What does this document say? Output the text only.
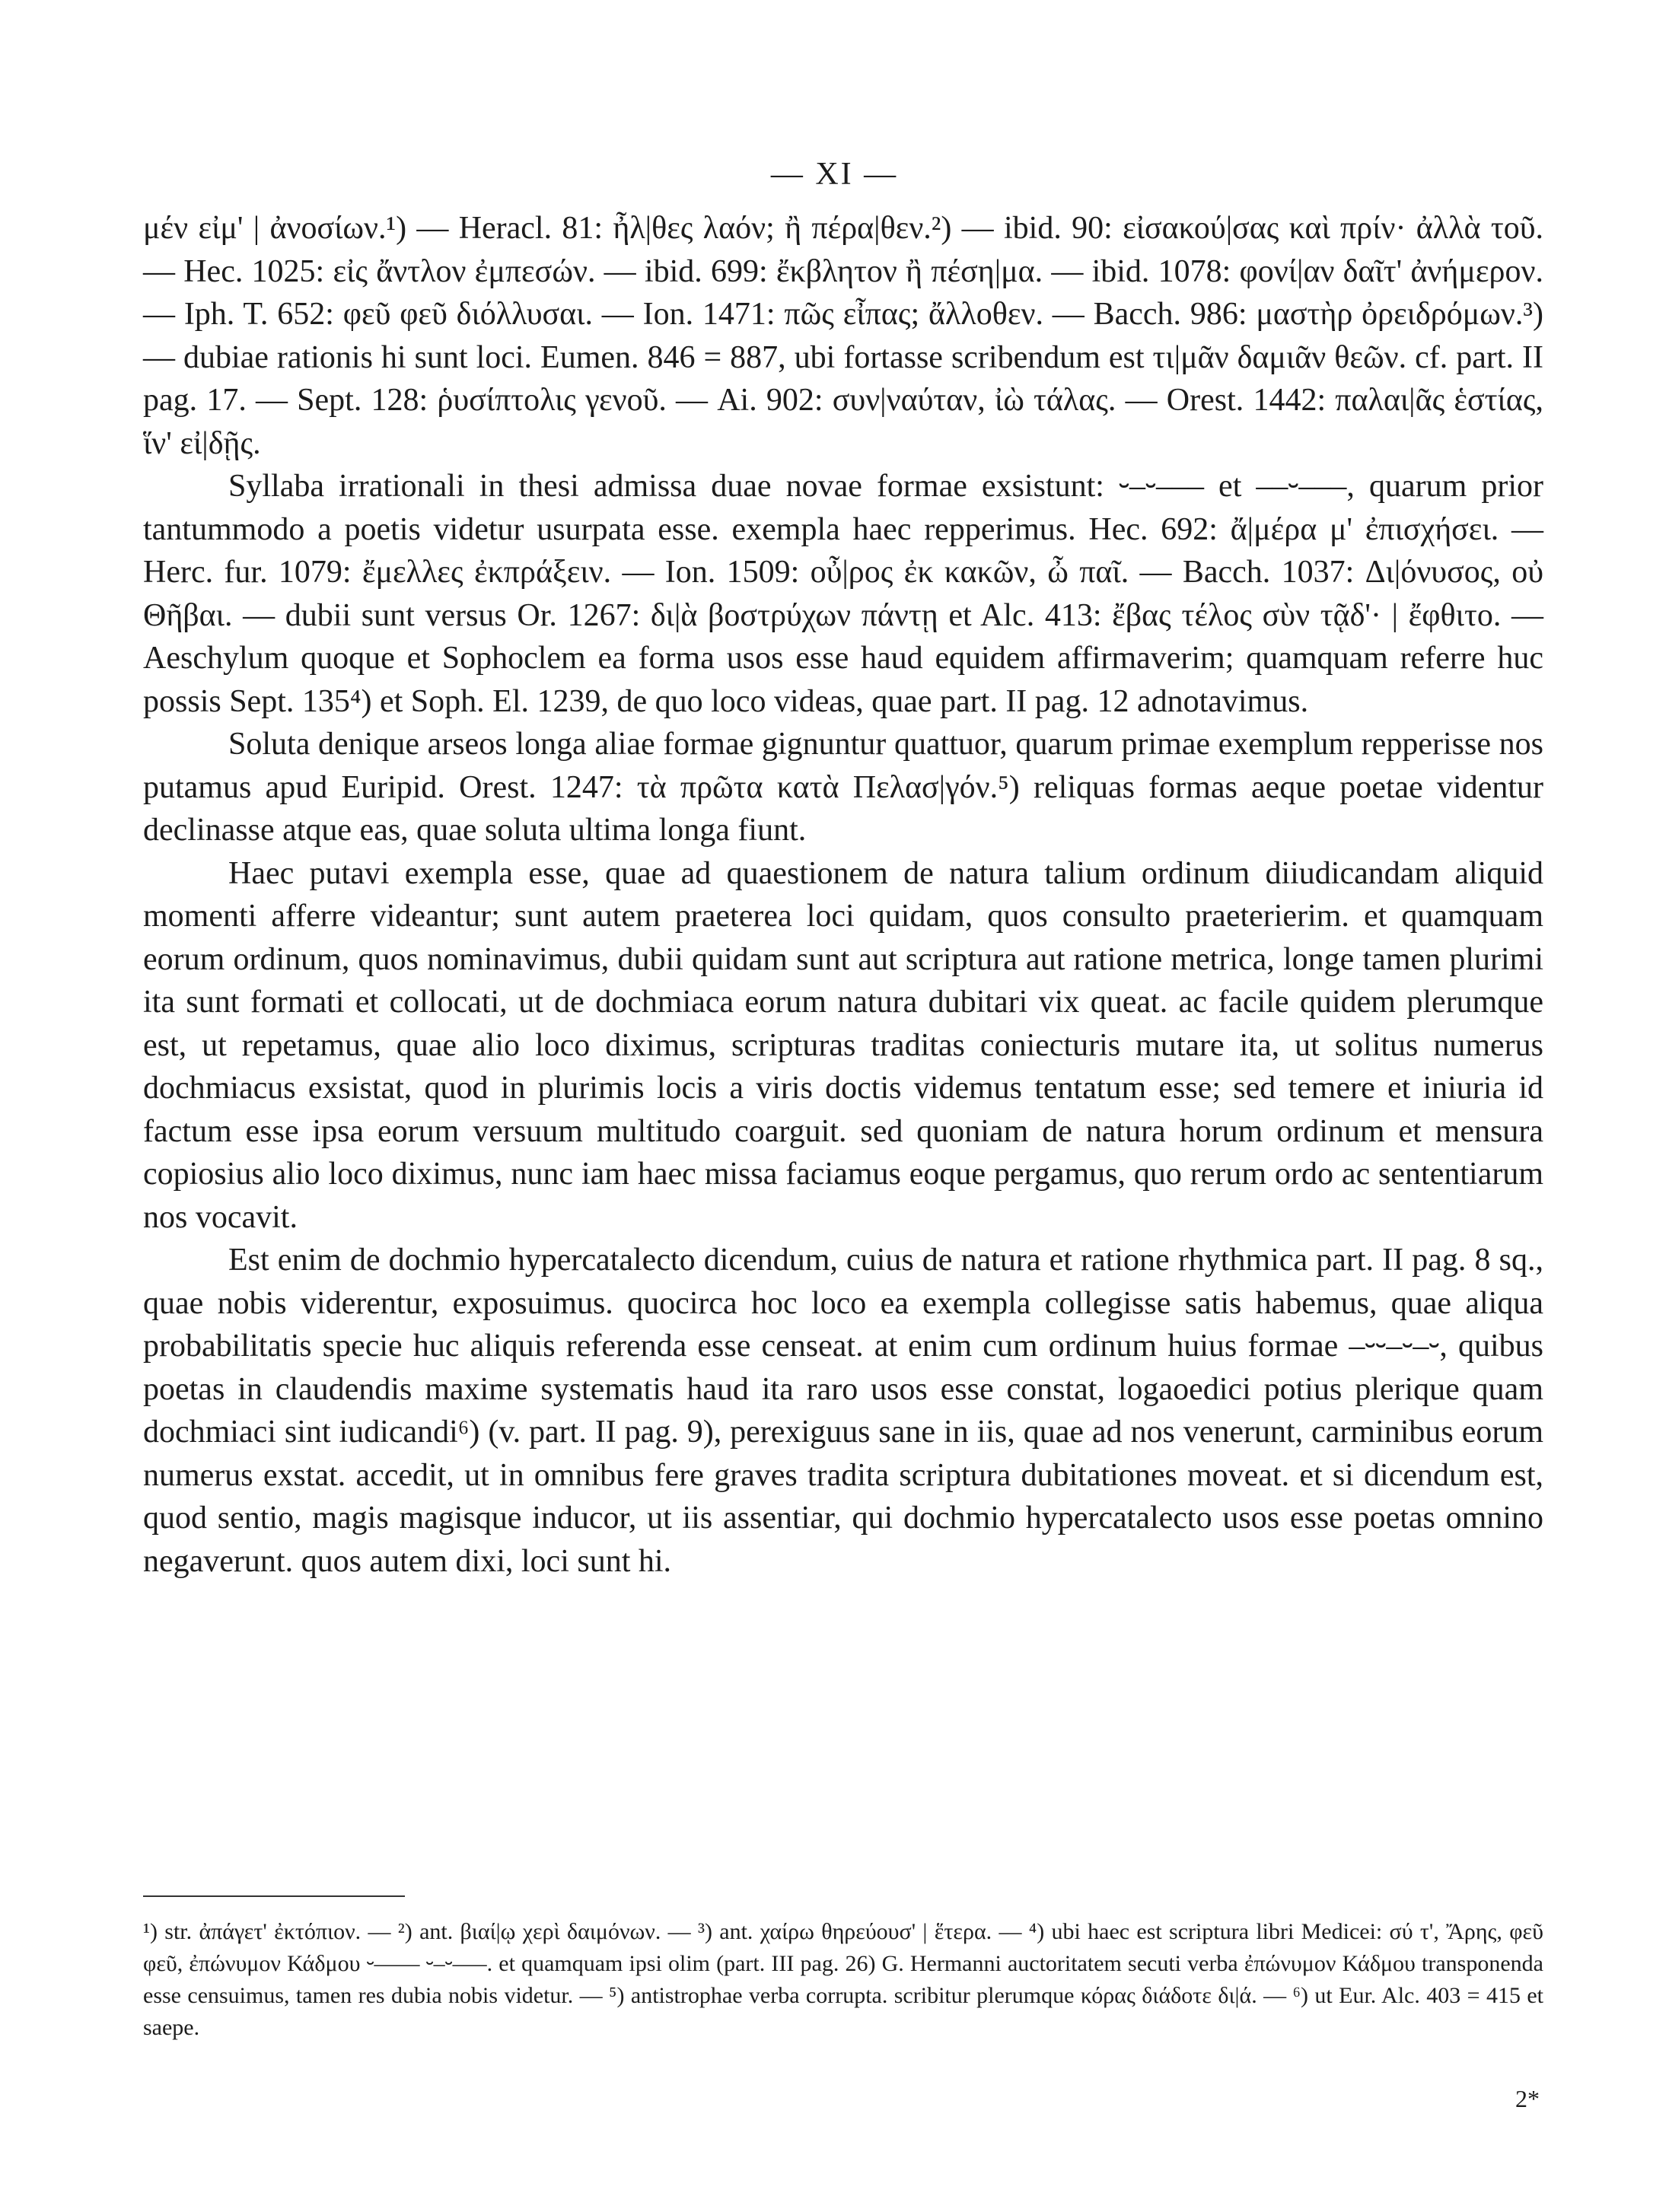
— XI —

μέν εἰμ' | ἀνοσίων.¹) — Heracl. 81: ἦλ|θες λαόν; ἢ πέρα|θεν.²) — ibid. 90: εἰσακού|σας καὶ πρίν· ἀλλὰ τοῦ. — Hec. 1025: εἰς ἄντλον ἐμπεσών. — ibid. 699: ἔκβλητον ἢ πέση|μα. — ibid. 1078: φονί|αν δαῖτ' ἀνήμερον. — Iph. T. 652: φεῦ φεῦ διόλλυσαι. — Ion. 1471: πῶς εἶπας; ἄλλοθεν. — Bacch. 986: μαστὴρ ὀρειδρόμων.³) — dubiae rationis hi sunt loci. Eumen. 846 = 887, ubi fortasse scribendum est τι|μᾶν δαμιᾶν θεῶν. cf. part. II pag. 17. — Sept. 128: ῥυσίπτολις γενοῦ. — Ai. 902: συν|ναύταν, ἰὼ τάλας. — Orest. 1442: παλαι|ᾶς ἑστίας, ἵν' εἰ|δῇς.

Syllaba irrationali in thesi admissa duae novae formae exsistunt: ⏑–⏑––– et ––⏑–––, quarum prior tantummodo a poetis videtur usurpata esse. exempla haec repperimus. Hec. 692: ἄ|μέρα μ' ἐπισχήσει. — Herc. fur. 1079: ἔμελλες ἐκπράξειν. — Ion. 1509: οὖ|ρος ἐκ κακῶν, ὦ παῖ. — Bacch. 1037: Δι|όνυσος, οὐ Θῆβαι. — dubii sunt versus Or. 1267: δι|ὰ βοστρύχων πάντῃ et Alc. 413: ἔβας τέλος σὺν τᾷδ'· | ἔφθιτο. — Aeschylum quoque et Sophoclem ea forma usos esse haud equidem affirmaverim; quamquam referre huc possis Sept. 135⁴) et Soph. El. 1239, de quo loco videas, quae part. II pag. 12 adnotavimus.

Soluta denique arseos longa aliae formae gignuntur quattuor, quarum primae exemplum repperisse nos putamus apud Euripid. Orest. 1247: τὰ πρῶτα κατὰ Πελασ|γόν.⁵) reliquas formas aeque poetae videntur declinasse atque eas, quae soluta ultima longa fiunt.

Haec putavi exempla esse, quae ad quaestionem de natura talium ordinum diiudicandam aliquid momenti afferre videantur; sunt autem praeterea loci quidam, quos consulto praeterierim. et quamquam eorum ordinum, quos nominavimus, dubii quidam sunt aut scriptura aut ratione metrica, longe tamen plurimi ita sunt formati et collocati, ut de dochmiaca eorum natura dubitari vix queat. ac facile quidem plerumque est, ut repetamus, quae alio loco diximus, scripturas traditas coniecturis mutare ita, ut solitus numerus dochmiacus exsistat, quod in plurimis locis a viris doctis videmus tentatum esse; sed temere et iniuria id factum esse ipsa eorum versuum multitudo coarguit. sed quoniam de natura horum ordinum et mensura copiosius alio loco diximus, nunc iam haec missa faciamus eoque pergamus, quo rerum ordo ac sententiarum nos vocavit.

Est enim de dochmio hypercatalecto dicendum, cuius de natura et ratione rhythmica part. II pag. 8 sq., quae nobis viderentur, exposuimus. quocirca hoc loco ea exempla collegisse satis habemus, quae aliqua probabilitatis specie huc aliquis referenda esse censeat. at enim cum ordinum huius formae –⏑⏑–⏑–⏑, quibus poetas in claudendis maxime systematis haud ita raro usos esse constat, logaoedici potius plerique quam dochmiaci sint iudicandi⁶) (v. part. II pag. 9), perexiguus sane in iis, quae ad nos venerunt, carminibus eorum numerus exstat. accedit, ut in omnibus fere graves tradita scriptura dubitationes moveat. et si dicendum est, quod sentio, magis magisque inducor, ut iis assentiar, qui dochmio hypercatalecto usos esse poetas omnino negaverunt. quos autem dixi, loci sunt hi.

¹) str. ἀπάγετ' ἐκτόπιον. — ²) ant. βιαί|ῳ χερὶ δαιμόνων. — ³) ant. χαίρω θηρεύουσ' | ἕτερα. — ⁴) ubi haec est scriptura libri Medicei: σύ τ', Ἄρης, φεῦ φεῦ, ἐπώνυμον Κάδμου ⏑–––– ⏑–⏑–––. et quamquam ipsi olim (part. III pag. 26) G. Hermanni auctoritatem secuti verba ἐπώνυμον Κάδμου transponenda esse censuimus, tamen res dubia nobis videtur. — ⁵) antistrophae verba corrupta. scribitur plerumque κόρας διάδοτε δι|ά. — ⁶) ut Eur. Alc. 403 = 415 et saepe.
2*
